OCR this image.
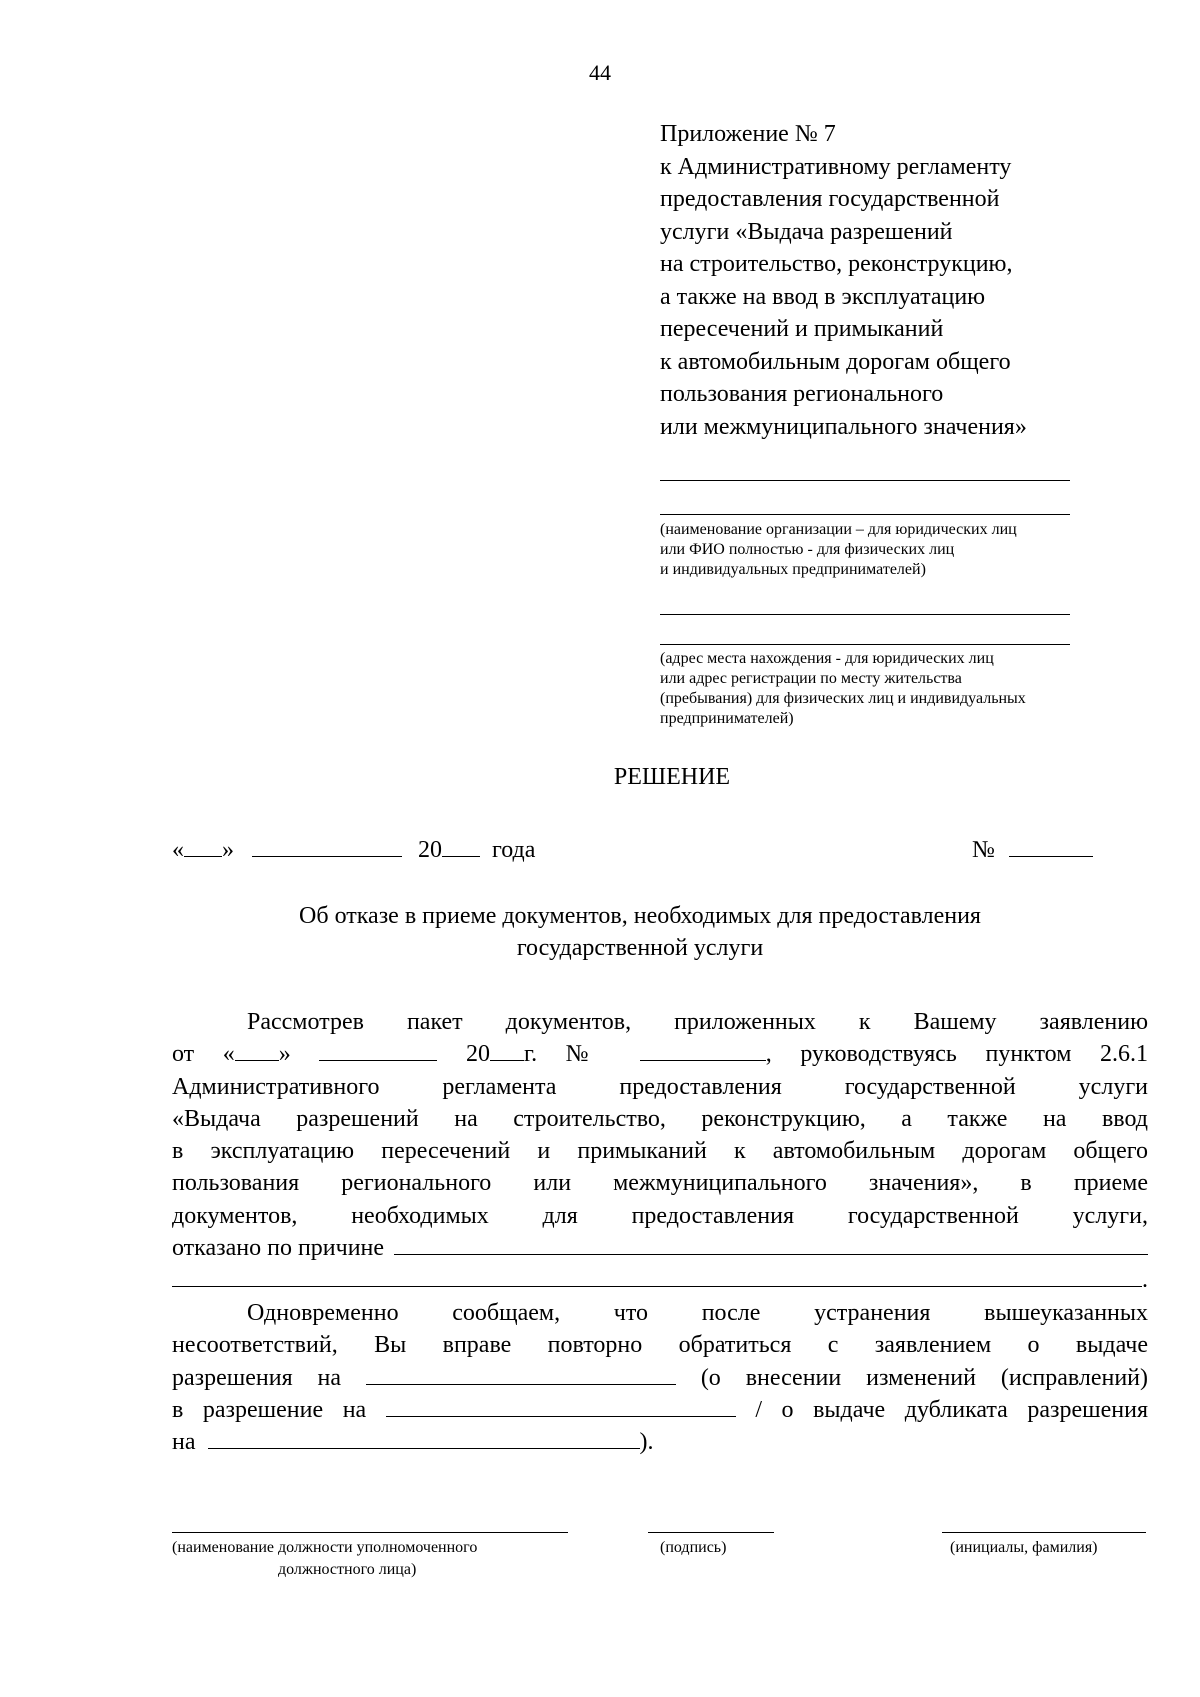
44
Приложение № 7
к Административному регламенту
предоставления государственной
услуги «Выдача разрешений
на строительство, реконструкцию,
а также на ввод в эксплуатацию
пересечений и примыканий
к автомобильным дорогам общего
пользования регионального
или межмуниципального значения»
(наименование организации – для юридических лиц
или ФИО полностью - для физических лиц
и индивидуальных предпринимателей)
(адрес места нахождения - для юридических лиц
или адрес регистрации по месту жительства
(пребывания) для физических лиц и индивидуальных
предпринимателей)
РЕШЕНИЕ
« »	20 года	№
Об отказе в приеме документов, необходимых для предоставления
государственной услуги
Рассмотрев пакет документов, приложенных к Вашему заявлению
от « »	20 г. №	, руководствуясь пунктом 2.6.1
Административного регламента предоставления государственной услуги
«Выдача разрешений на строительство, реконструкцию, а также на ввод
в эксплуатацию пересечений и примыканий к автомобильным дорогам общего
пользования регионального или межмуниципального значения», в приеме
документов, необходимых для предоставления государственной услуги,
отказано по причине
.
Одновременно сообщаем, что после устранения вышеуказанных
несоответствий, Вы вправе повторно обратиться с заявлением о выдаче
разрешения на	(о внесении изменений (исправлений)
в разрешение на	/ о выдаче дубликата разрешения
на	).
(наименование должности уполномоченного
должностного лица)
(подпись)	(инициалы, фамилия)
